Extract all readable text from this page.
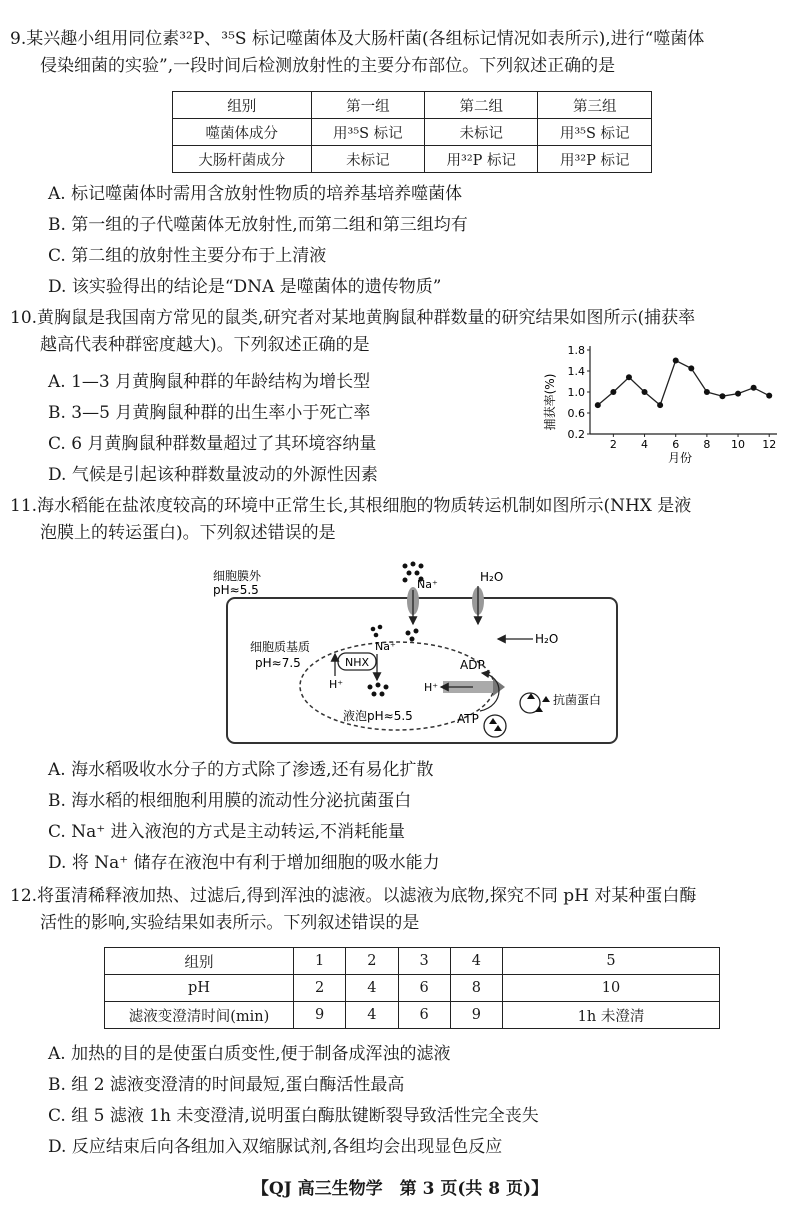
9.某兴趣小组用同位素³²P、³⁵S 标记噬菌体及大肠杆菌(各组标记情况如表所示),进行“噬菌体

侵染细菌的实验”,一段时间后检测放射性的主要分布部位。下列叙述正确的是

组别	第一组	第二组	第三组
噬菌体成分	用³⁵S 标记	未标记	用³⁵S 标记
大肠杆菌成分	未标记	用³²P 标记	用³²P 标记
A. 标记噬菌体时需用含放射性物质的培养基培养噬菌体
B. 第一组的子代噬菌体无放射性,而第二组和第三组均有
C. 第二组的放射性主要分布于上清液
D. 该实验得出的结论是“DNA 是噬菌体的遗传物质”

10.黄胸鼠是我国南方常见的鼠类,研究者对某地黄胸鼠种群数量的研究结果如图所示(捕获率

越高代表种群密度越大)。下列叙述正确的是

A. 1—3 月黄胸鼠种群的年龄结构为增长型
B. 3—5 月黄胸鼠种群的出生率小于死亡率
C. 6 月黄胸鼠种群数量超过了其环境容纳量
D. 气候是引起该种群数量波动的外源性因素
0.2
0.6
1.0
1.4
1.8
2 4 6 8 10 12
捕获率(%)
月份

11.海水稻能在盐浓度较高的环境中正常生长,其根细胞的物质转运机制如图所示(NHX 是液

泡膜上的转运蛋白)。下列叙述错误的是

细胞膜外
pH≈5.5	Na⁺
H₂O
H₂O
细胞质基质
pH≈7.5	NHX
Na⁺
H⁺
液泡pH≈5.5
H⁺
ADP
ATP
抗菌蛋白
A. 海水稻吸收水分子的方式除了渗透,还有易化扩散
B. 海水稻的根细胞利用膜的流动性分泌抗菌蛋白
C. Na⁺ 进入液泡的方式是主动转运,不消耗能量
D. 将 Na⁺ 储存在液泡中有利于增加细胞的吸水能力

12.将蛋清稀释液加热、过滤后,得到浑浊的滤液。以滤液为底物,探究不同 pH 对某种蛋白酶

活性的影响,实验结果如表所示。下列叙述错误的是

组别	1	2	3	4	5
pH	2	4	6	8	10
滤液变澄清时间(min)	9	4	6	9	1h 未澄清
A. 加热的目的是使蛋白质变性,便于制备成浑浊的滤液
B. 组 2 滤液变澄清的时间最短,蛋白酶活性最高
C. 组 5 滤液 1h 未变澄清,说明蛋白酶肽键断裂导致活性完全丧失
D. 反应结束后向各组加入双缩脲试剂,各组均会出现显色反应
【QJ 高三生物学　第 3 页(共 8 页)】
